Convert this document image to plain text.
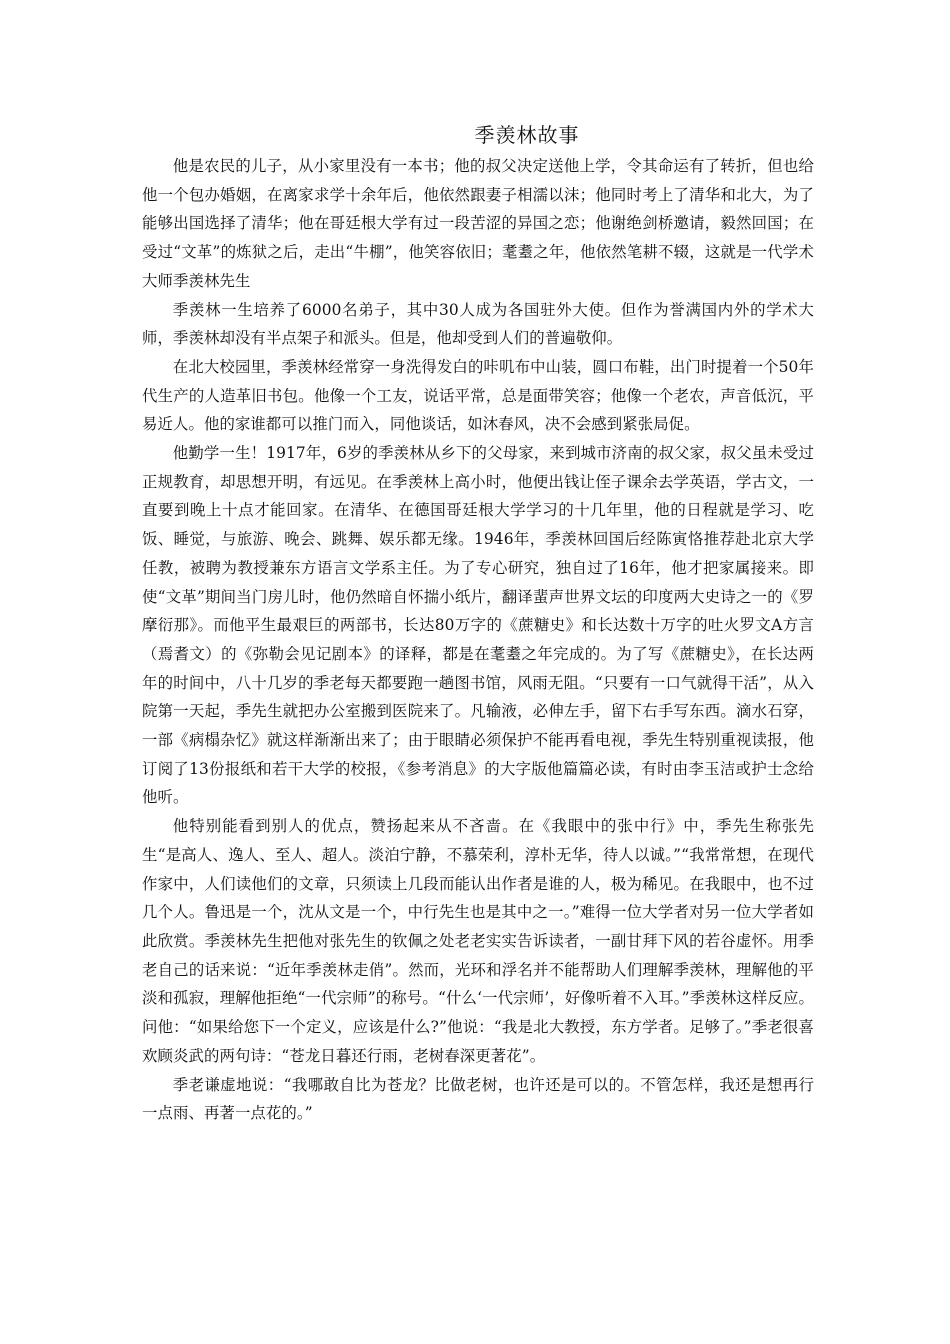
季羡林故事

他是农民的儿子，从小家里没有一本书；他的叔父决定送他上学，令其命运有了转折，但也给他一个包办婚姻，在离家求学十余年后，他依然跟妻子相濡以沫；他同时考上了清华和北大，为了能够出国选择了清华；他在哥廷根大学有过一段苦涩的异国之恋；他谢绝剑桥邀请，毅然回国；在受过“文革”的炼狱之后，走出“牛棚”，他笑容依旧；耄耋之年，他依然笔耕不辍，这就是一代学术大师季羡林先生

季羡林一生培养了6000名弟子，其中30人成为各国驻外大使。但作为誉满国内外的学术大师，季羡林却没有半点架子和派头。但是，他却受到人们的普遍敬仰。

在北大校园里，季羡林经常穿一身洗得发白的咔叽布中山装，圆口布鞋，出门时提着一个50年代生产的人造革旧书包。他像一个工友，说话平常，总是面带笑容；他像一个老农，声音低沉，平易近人。他的家谁都可以推门而入，同他谈话，如沐春风，决不会感到紧张局促。

他勤学一生！1917年，6岁的季羡林从乡下的父母家，来到城市济南的叔父家，叔父虽未受过正规教育，却思想开明，有远见。在季羡林上高小时，他便出钱让侄子课余去学英语，学古文，一直要到晚上十点才能回家。在清华、在德国哥廷根大学学习的十几年里，他的日程就是学习、吃饭、睡觉，与旅游、晚会、跳舞、娱乐都无缘。1946年，季羡林回国后经陈寅恪推荐赴北京大学任教，被聘为教授兼东方语言文学系主任。为了专心研究，独自过了16年，他才把家属接来。即使“文革”期间当门房儿时，他仍然暗自怀揣小纸片，翻译蜚声世界文坛的印度两大史诗之一的《罗摩衍那》。而他平生最艰巨的两部书，长达80万字的《蔗糖史》和长达数十万字的吐火罗文A方言（焉耆文）的《弥勒会见记剧本》的译释，都是在耄耋之年完成的。为了写《蔗糖史》，在长达两年的时间中，八十几岁的季老每天都要跑一趟图书馆，风雨无阻。“只要有一口气就得干活”，从入院第一天起，季先生就把办公室搬到医院来了。凡输液，必伸左手，留下右手写东西。滴水石穿，一部《病榻杂忆》就这样渐渐出来了；由于眼睛必须保护不能再看电视，季先生特别重视读报，他订阅了13份报纸和若干大学的校报，《参考消息》的大字版他篇篇必读，有时由李玉洁或护士念给他听。

他特别能看到别人的优点，赞扬起来从不吝啬。在《我眼中的张中行》中，季先生称张先生“是高人、逸人、至人、超人。淡泊宁静，不慕荣利，淳朴无华，待人以诚。”“我常常想，在现代作家中，人们读他们的文章，只须读上几段而能认出作者是谁的人，极为稀见。在我眼中，也不过几个人。鲁迅是一个，沈从文是一个，中行先生也是其中之一。”难得一位大学者对另一位大学者如此欣赏。季羡林先生把他对张先生的钦佩之处老老实实告诉读者，一副甘拜下风的若谷虚怀。用季老自己的话来说：“近年季羡林走俏”。然而，光环和浮名并不能帮助人们理解季羡林，理解他的平淡和孤寂，理解他拒绝“一代宗师”的称号。“什么‘一代宗师’，好像听着不入耳。”季羡林这样反应。问他：“如果给您下一个定义，应该是什么?”他说：“我是北大教授，东方学者。足够了。”季老很喜欢顾炎武的两句诗：“苍龙日暮还行雨，老树春深更著花”。

季老谦虚地说：“我哪敢自比为苍龙？比做老树，也许还是可以的。不管怎样，我还是想再行一点雨、再著一点花的。”
